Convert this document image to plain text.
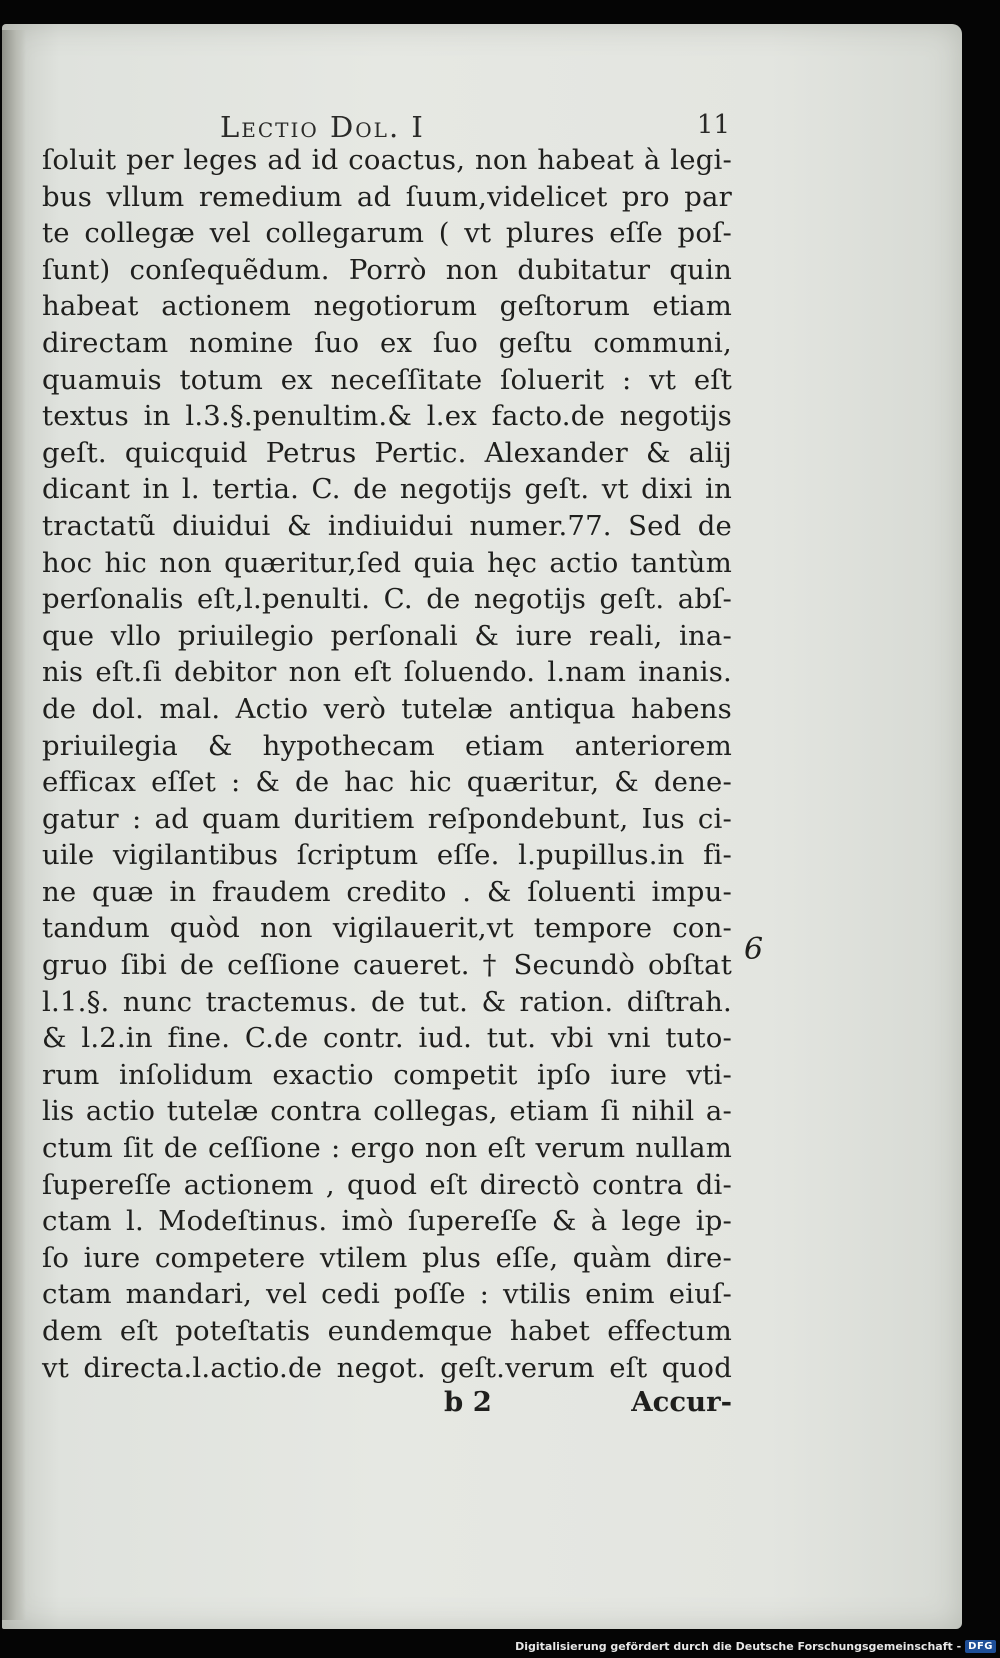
Lectio Dol. I	11
ſoluit per leges ad id coactus, non habeat à legi-
bus vllum remedium ad ſuum,videlicet pro par
te collegæ vel collegarum ( vt plures eſſe poſ-
ſunt) conſequẽdum. Porrò non dubitatur quin
habeat actionem negotiorum geſtorum etiam
directam nomine ſuo ex ſuo geſtu communi,
quamuis totum ex neceſſitate ſoluerit : vt eſt
textus in l.3.§.penultim.& l.ex facto.de negotijs
geſt. quicquid Petrus Pertic. Alexander & alij
dicant in l. tertia. C. de negotijs geſt. vt dixi in
tractatũ diuidui & indiuidui numer.77. Sed de
hoc hic non quæritur,ſed quia hęc actio tantùm
perſonalis eſt,l.penulti. C. de negotijs geſt. abſ-
que vllo priuilegio perſonali & iure reali, ina-
nis eſt.ſi debitor non eſt ſoluendo. l.nam inanis.
de dol. mal. Actio verò tutelæ antiqua habens
priuilegia & hypothecam etiam anteriorem
efficax eſſet : & de hac hic quæritur, & dene-
gatur : ad quam duritiem reſpondebunt, Ius ci-
uile vigilantibus ſcriptum eſſe. l.pupillus.in fi-
ne quæ in fraudem credito . & ſoluenti impu-
tandum quòd non vigilauerit,vt tempore con-
gruo ſibi de ceſſione caueret. † Secundò obſtat
l.1.§. nunc tractemus. de tut. & ration. diſtrah.
& l.2.in fine. C.de contr. iud. tut. vbi vni tuto-
rum inſolidum exactio competit ipſo iure vti-
lis actio tutelæ contra collegas, etiam ſi nihil a-
ctum ſit de ceſſione : ergo non eſt verum nullam
ſupereſſe actionem , quod eſt directò contra di-
ctam l. Modeſtinus. imò ſupereſſe & à lege ip-
ſo iure competere vtilem plus eſſe, quàm dire-
ctam mandari, vel cedi poſſe : vtilis enim eiuſ-
dem eſt poteſtatis eundemque habet effectum
vt directa.l.actio.de negot. geſt.verum eſt quod
6
b 2	Accur-
Digitalisierung gefördert durch die Deutsche Forschungsgemeinschaft - DFG
